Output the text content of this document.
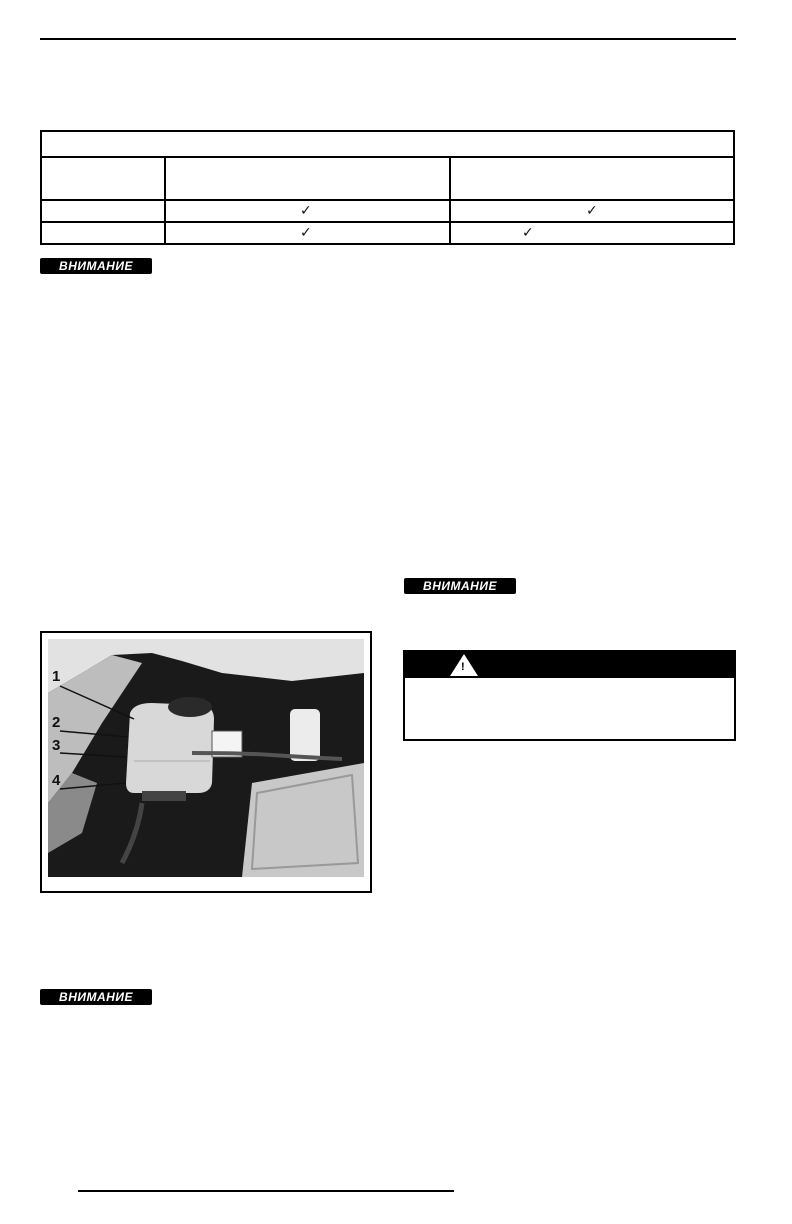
✓	✓
✓	✓
ВНИМАНИЕ
ВНИМАНИЕ
ВНИМАНИЕ
1
2
3
4
!
